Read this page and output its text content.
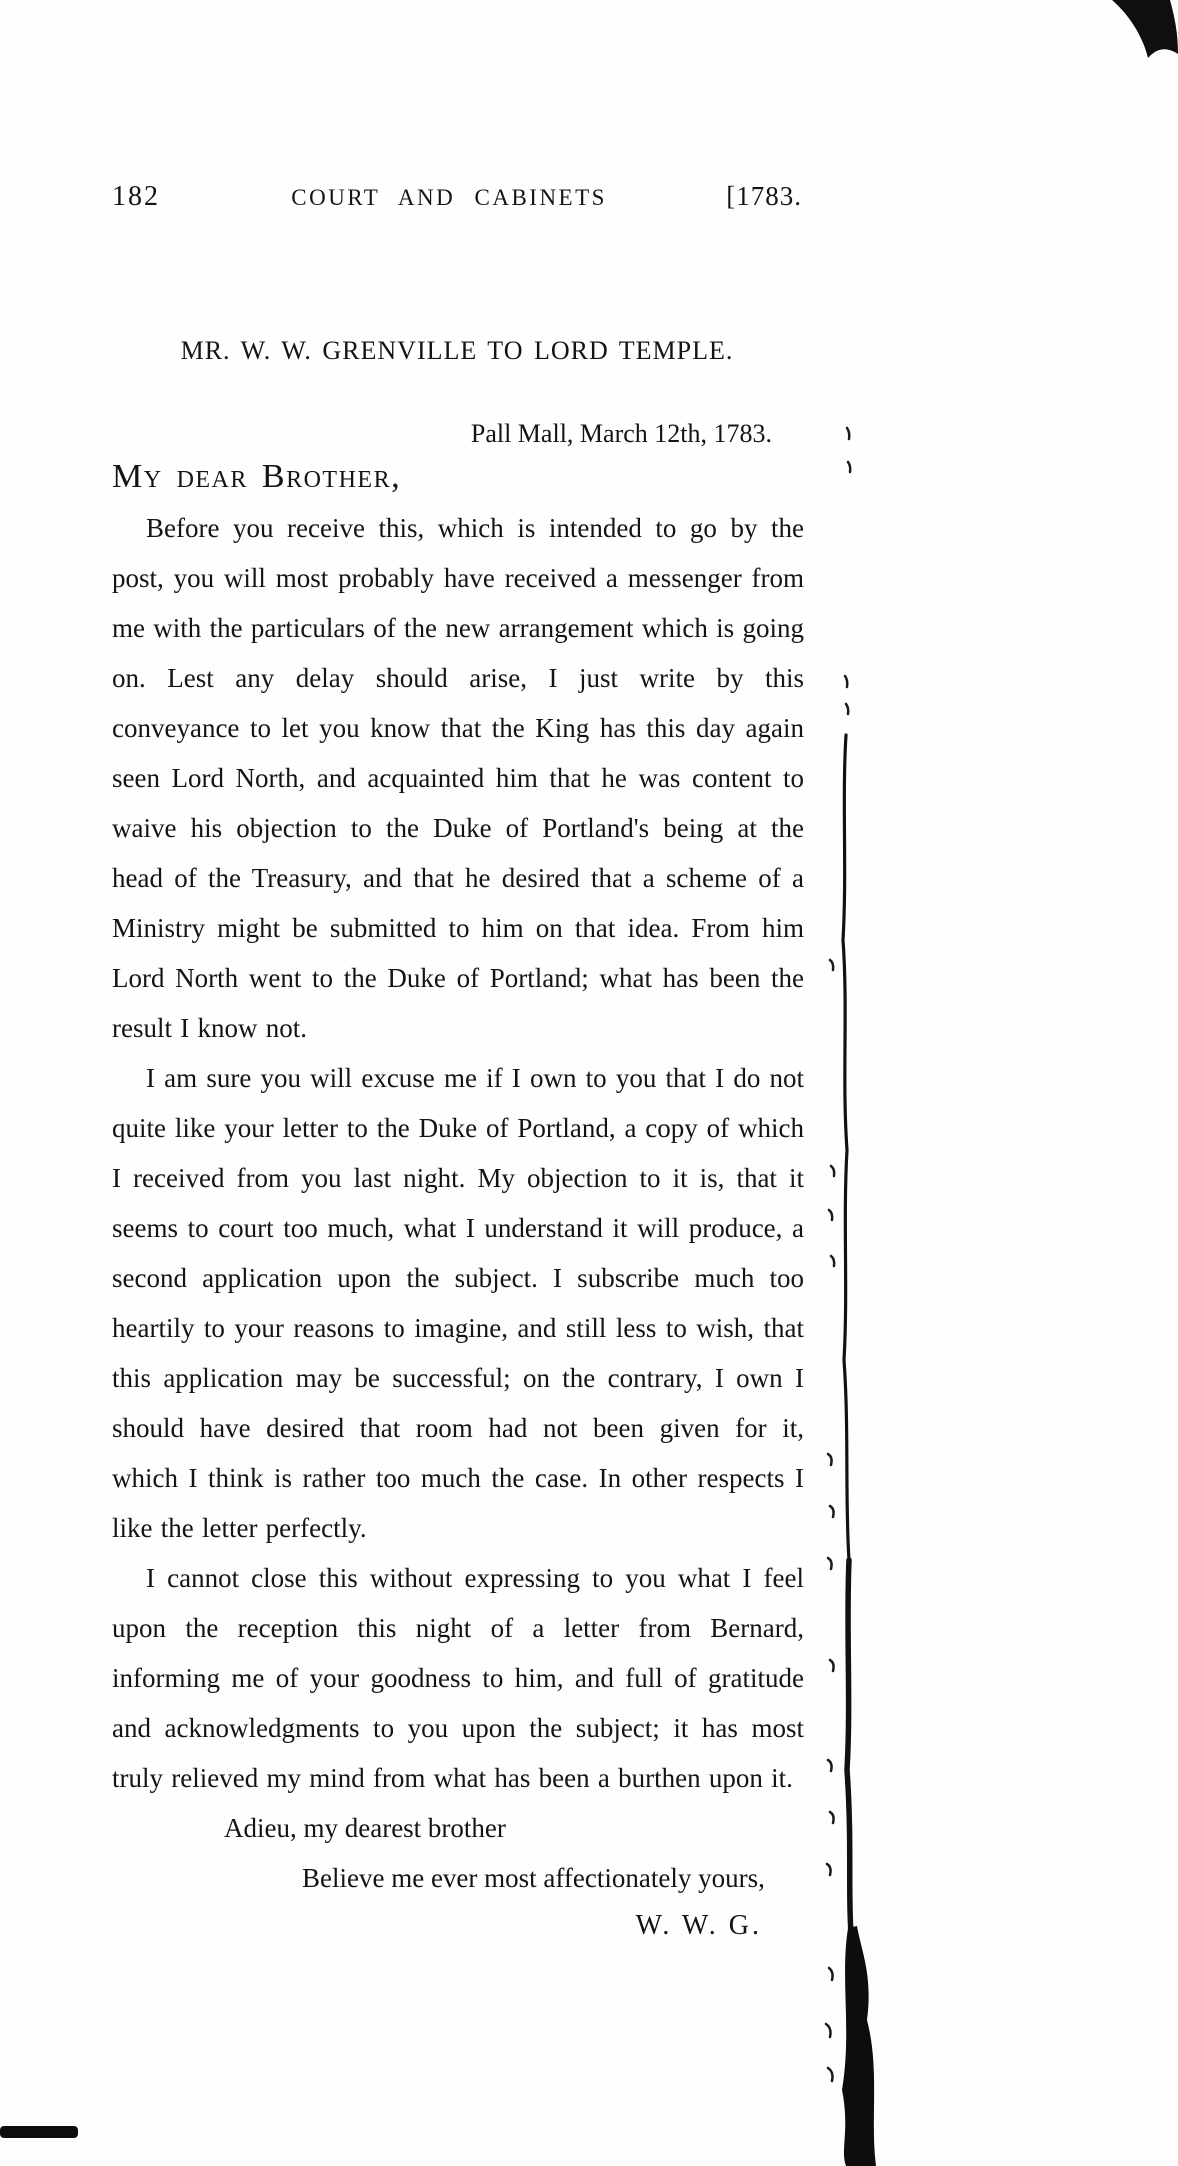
182	COURT AND CABINETS	[1783.
MR. W. W. GRENVILLE TO LORD TEMPLE.
Pall Mall, March 12th, 1783.
My dear Brother,

Before you receive this, which is intended to go by the post, you will most probably have received a messenger from me with the particulars of the new arrangement which is going on. Lest any delay should arise, I just write by this conveyance to let you know that the King has this day again seen Lord North, and acquainted him that he was content to waive his objection to the Duke of Portland's being at the head of the Treasury, and that he desired that a scheme of a Ministry might be submitted to him on that idea. From him Lord North went to the Duke of Portland; what has been the result I know not.

I am sure you will excuse me if I own to you that I do not quite like your letter to the Duke of Portland, a copy of which I received from you last night. My objection to it is, that it seems to court too much, what I understand it will produce, a second application upon the subject. I subscribe much too heartily to your reasons to imagine, and still less to wish, that this application may be successful; on the contrary, I own I should have desired that room had not been given for it, which I think is rather too much the case. In other respects I like the letter perfectly.

I cannot close this without expressing to you what I feel upon the reception this night of a letter from Bernard, informing me of your goodness to him, and full of gratitude and acknowledgments to you upon the subject; it has most truly relieved my mind from what has been a burthen upon it.

Adieu, my dearest brother
Believe me ever most affectionately yours,
W. W. G.
